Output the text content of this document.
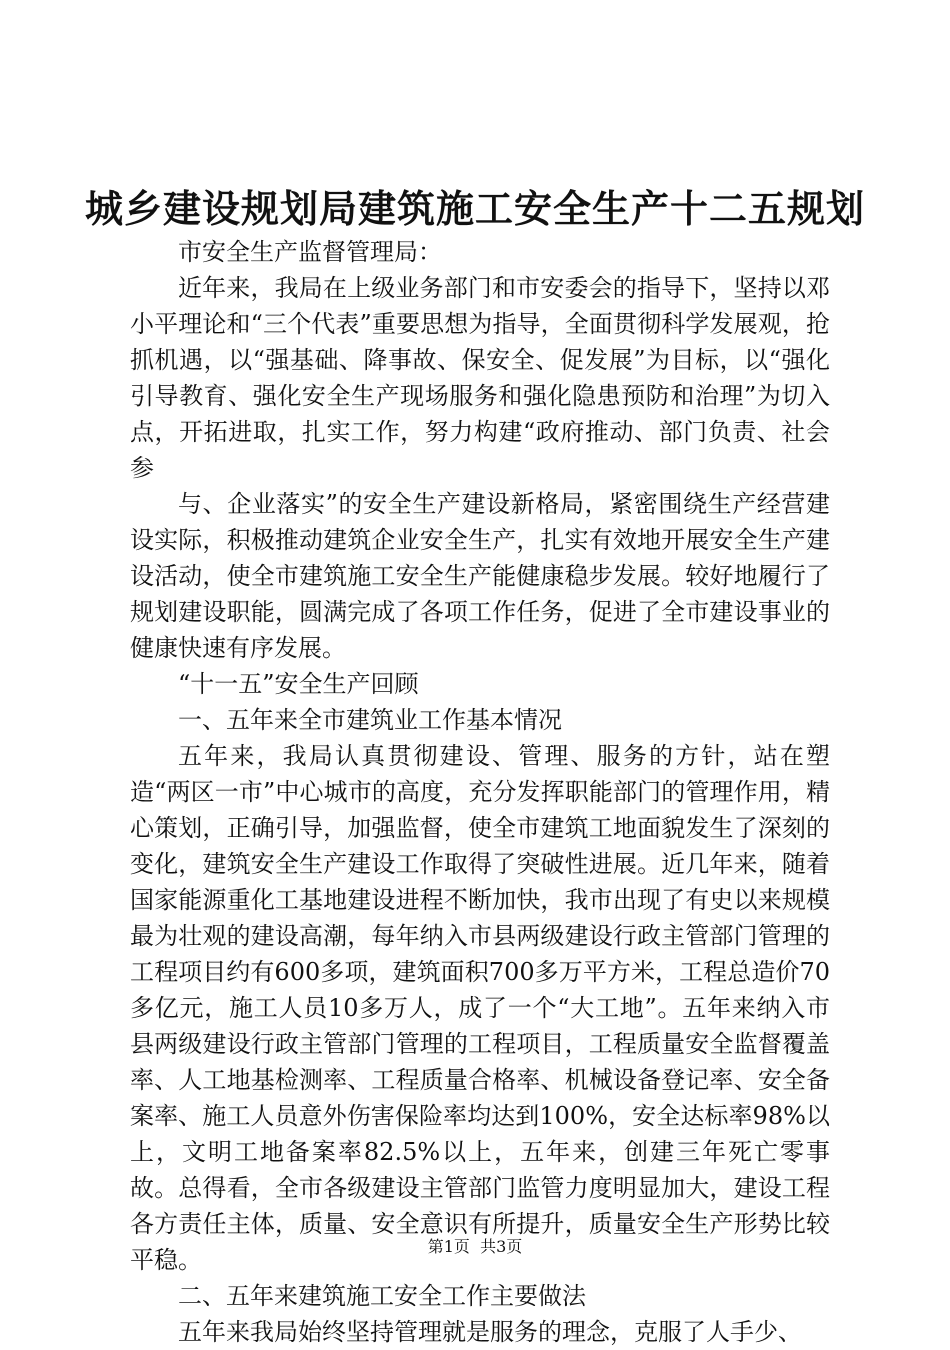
城乡建设规划局建筑施工安全生产十二五规划

市安全生产监督管理局：

近年来，我局在上级业务部门和市安委会的指导下，坚持以邓小平理论和“三个代表”重要思想为指导，全面贯彻科学发展观，抢抓机遇，以“强基础、降事故、保安全、促发展”为目标，以“强化引导教育、强化安全生产现场服务和强化隐患预防和治理”为切入点，开拓进取，扎实工作，努力构建“政府推动、部门负责、社会参

与、企业落实”的安全生产建设新格局，紧密围绕生产经营建设实际，积极推动建筑企业安全生产，扎实有效地开展安全生产建设活动，使全市建筑施工安全生产能健康稳步发展。较好地履行了规划建设职能，圆满完成了各项工作任务，促进了全市建设事业的健康快速有序发展。

“十一五”安全生产回顾

一、五年来全市建筑业工作基本情况

五年来，我局认真贯彻建设、管理、服务的方针，站在塑造“两区一市”中心城市的高度，充分发挥职能部门的管理作用，精心策划，正确引导，加强监督，使全市建筑工地面貌发生了深刻的变化，建筑安全生产建设工作取得了突破性进展。近几年来，随着国家能源重化工基地建设进程不断加快，我市出现了有史以来规模最为壮观的建设高潮，每年纳入市县两级建设行政主管部门管理的工程项目约有600多项，建筑面积700多万平方米，工程总造价70多亿元，施工人员10多万人，成了一个“大工地”。五年来纳入市县两级建设行政主管部门管理的工程项目，工程质量安全监督覆盖率、人工地基检测率、工程质量合格率、机械设备登记率、安全备案率、施工人员意外伤害保险率均达到100%，安全达标率98%以上，文明工地备案率82.5%以上，五年来，创建三年死亡零事故。总得看，全市各级建设主管部门监管力度明显加大，建设工程各方责任主体，质量、安全意识有所提升，质量安全生产形势比较平稳。

二、五年来建筑施工安全工作主要做法

五年来我局始终坚持管理就是服务的理念，克服了人手少、

第1页  共3页
